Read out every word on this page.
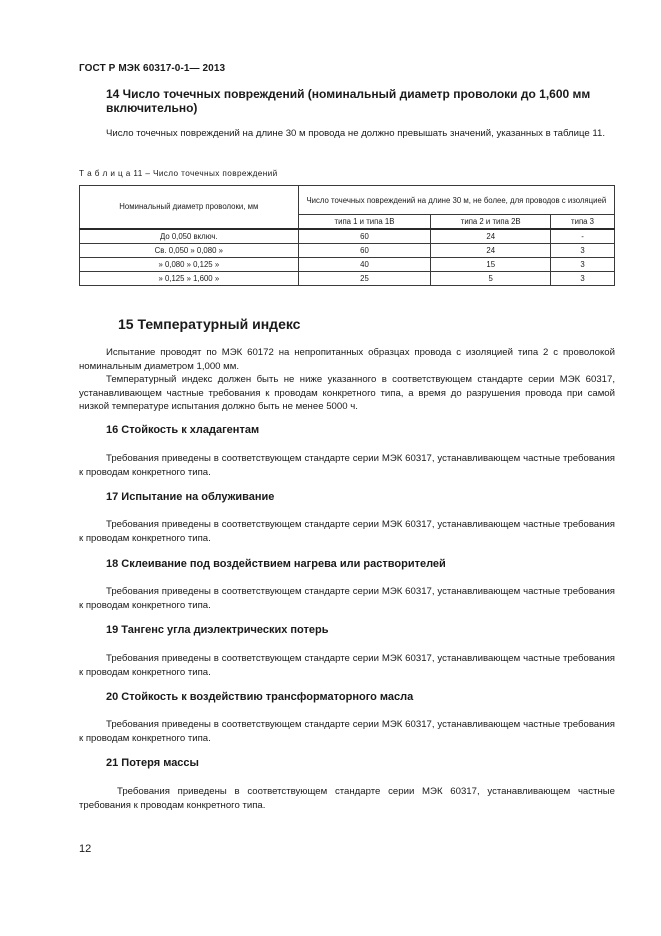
ГОСТ Р МЭК 60317-0-1— 2013
14 Число точечных повреждений (номинальный диаметр проволоки до 1,600 мм включительно)
Число точечных повреждений на длине 30 м провода не должно превышать значений, указанных в таблице 11.
Т а б л и ц а 11 – Число точечных повреждений
Номинальный диаметр проволоки, мм	Число точечных повреждений на длине 30 м, не более, для проводов с изоляцией		
	типа 1 и типа 1В	типа 2 и типа 2В	типа 3
До 0,050 включ.	60	24	-
Св. 0,050 » 0,080 »	60	24	3
» 0,080 » 0,125 »	40	15	3
» 0,125 » 1,600 »	25	5	3
15 Температурный индекс
Испытание проводят по МЭК 60172 на непропитанных образцах провода с изоляцией типа 2 с проволокой номинальным диаметром 1,000 мм.
Температурный индекс должен быть не ниже указанного в соответствующем стандарте серии МЭК 60317, устанавливающем частные требования к проводам конкретного типа, а время до разрушения провода при самой низкой температуре испытания должно быть не менее 5000 ч.
16 Стойкость к хладагентам
Требования приведены в соответствующем стандарте серии МЭК 60317, устанавливающем частные требования к проводам конкретного типа.
17 Испытание на облуживание
Требования приведены в соответствующем стандарте серии МЭК 60317, устанавливающем частные требования к проводам конкретного типа.
18 Склеивание под воздействием нагрева или растворителей
Требования приведены в соответствующем стандарте серии МЭК 60317, устанавливающем частные требования к проводам конкретного типа.
19 Тангенс угла диэлектрических потерь
Требования приведены в соответствующем стандарте серии МЭК 60317, устанавливающем частные требования к проводам конкретного типа.
20 Стойкость к воздействию трансформаторного масла
Требования приведены в соответствующем стандарте серии МЭК 60317, устанавливающем частные требования к проводам конкретного типа.
21 Потеря массы
Требования приведены в соответствующем стандарте серии МЭК 60317, устанавливающем частные требования к проводам конкретного типа.
12
